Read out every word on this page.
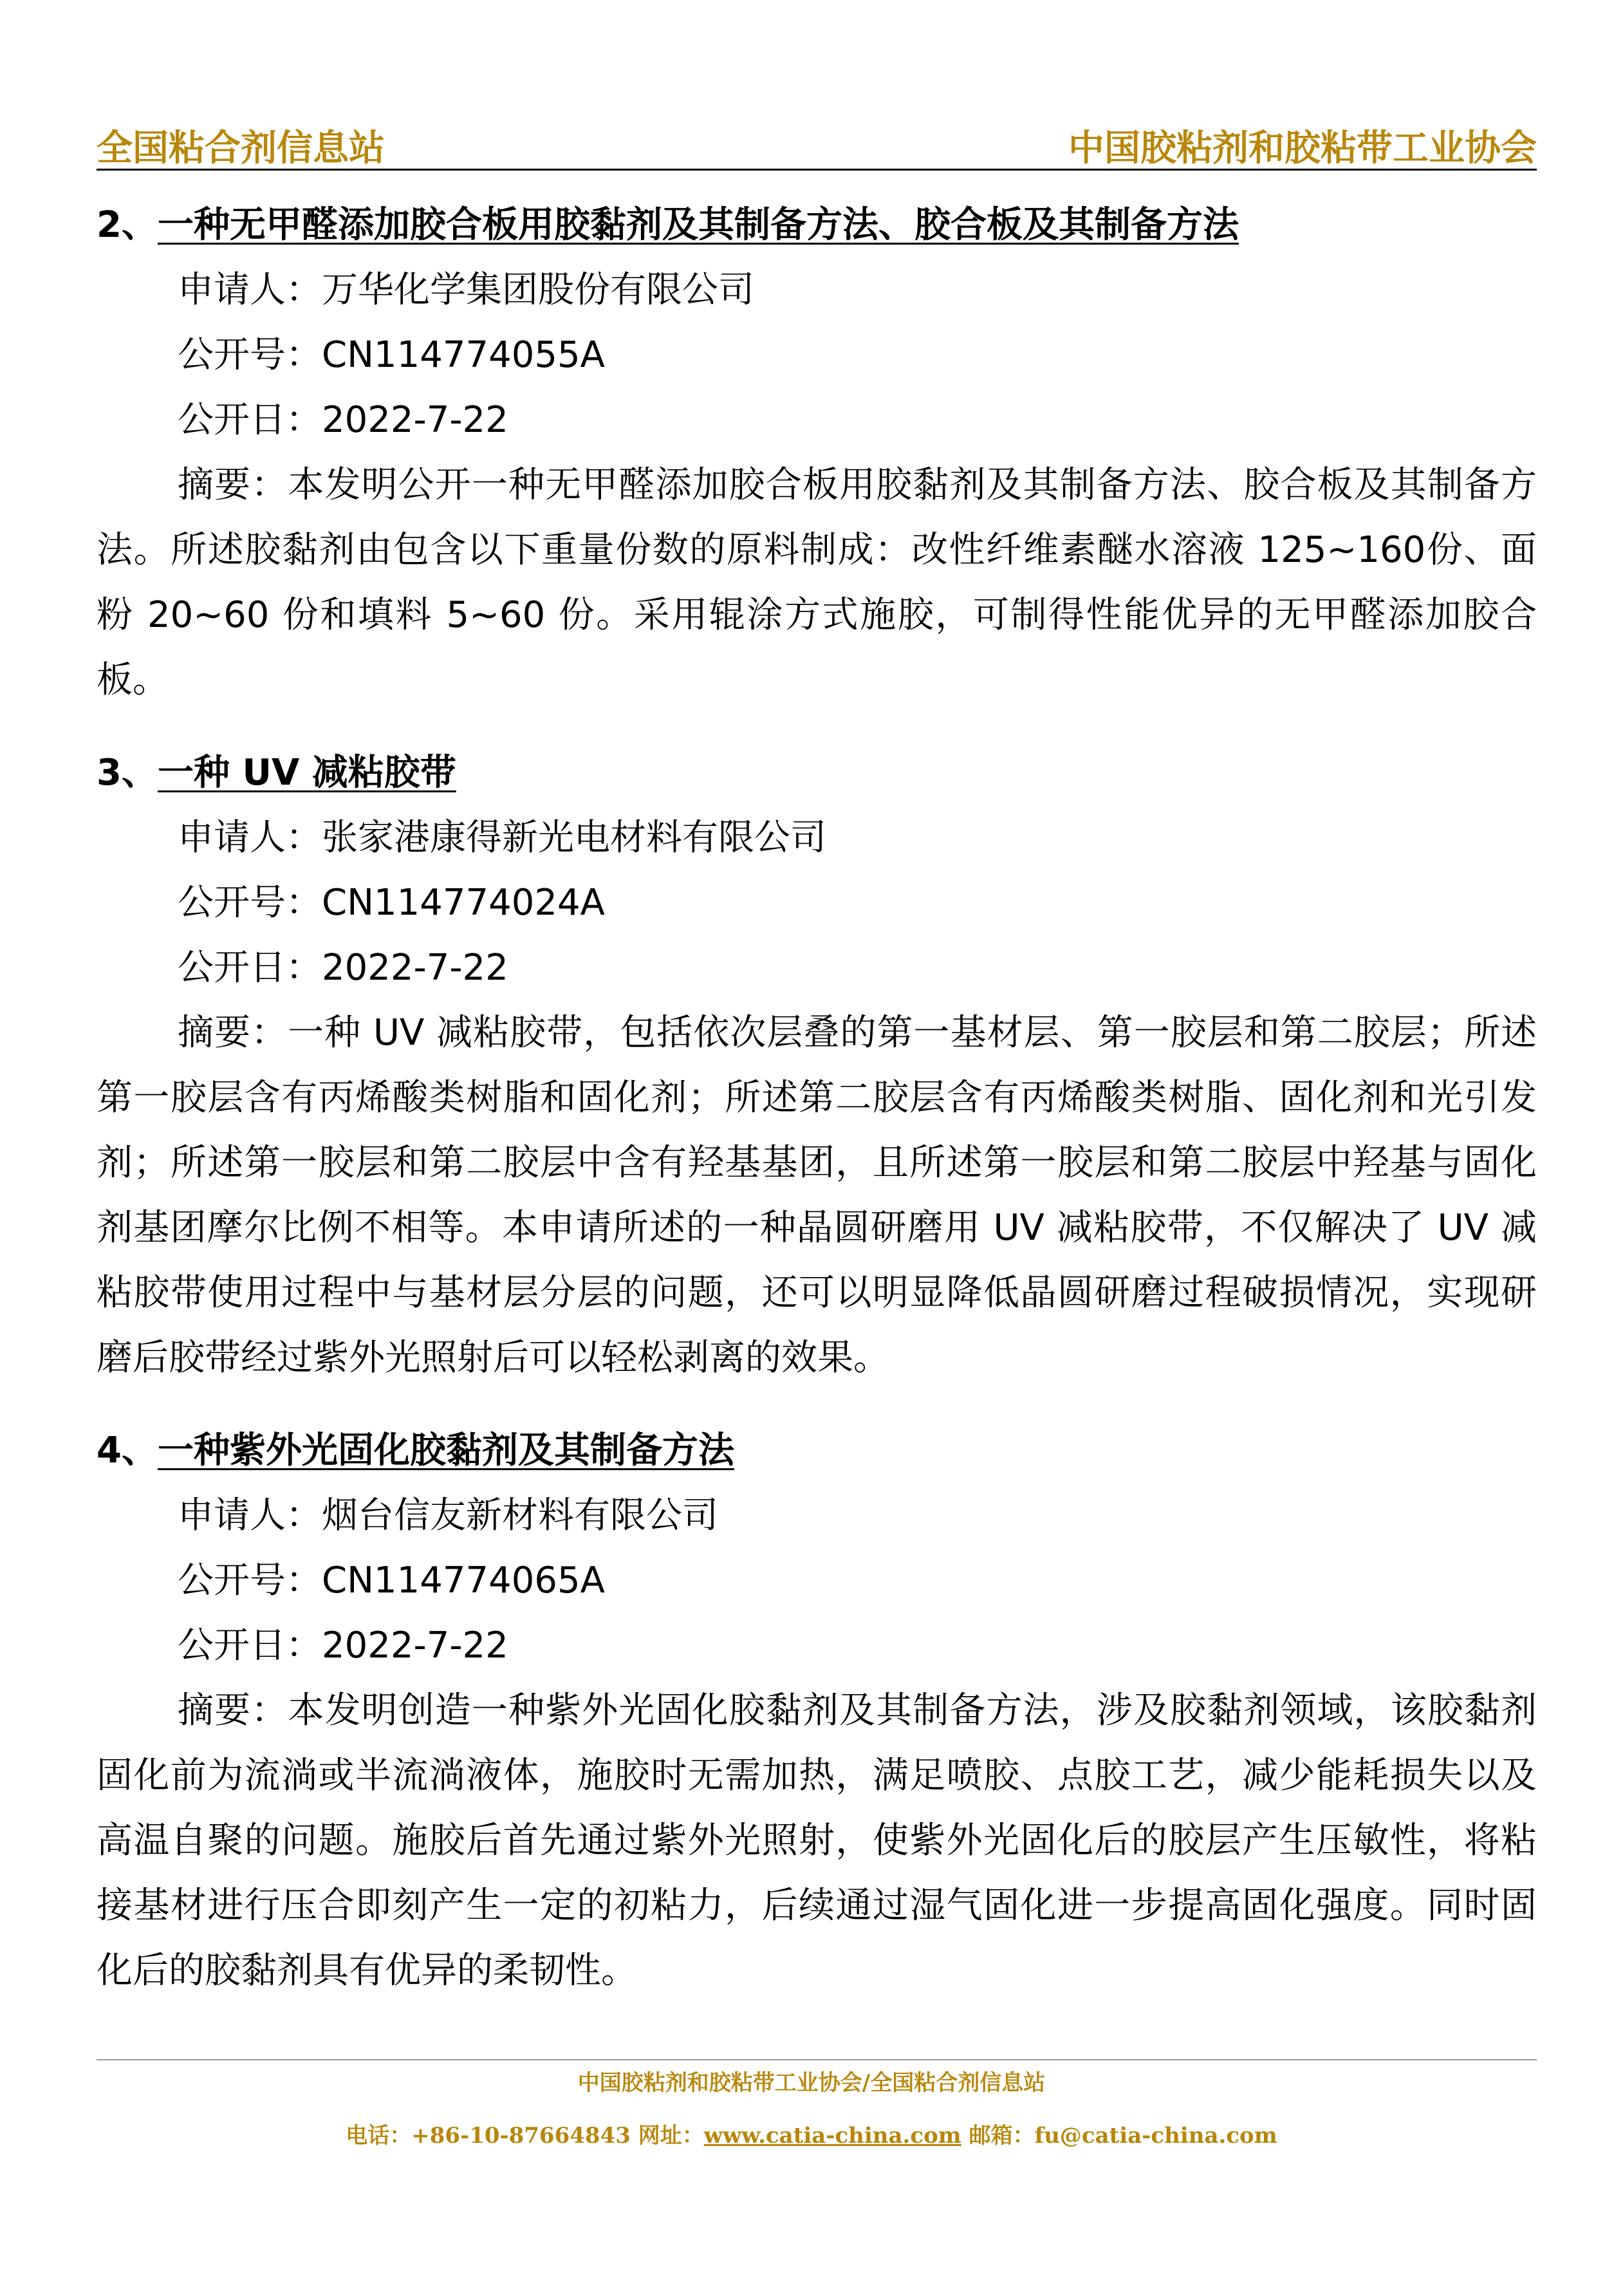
全国粘合剂信息站	中国胶粘剂和胶粘带工业协会
2、一种无甲醛添加胶合板用胶黏剂及其制备方法、胶合板及其制备方法
申请人：万华化学集团股份有限公司
公开号：CN114774055A
公开日：2022-7-22
摘要：本发明公开一种无甲醛添加胶合板用胶黏剂及其制备方法、胶合板及其制备方法。所述胶黏剂由包含以下重量份数的原料制成：改性纤维素醚水溶液 125~160份、面粉 20~60 份和填料 5~60 份。采用辊涂方式施胶，可制得性能优异的无甲醛添加胶合板。
3、一种 UV 减粘胶带
申请人：张家港康得新光电材料有限公司
公开号：CN114774024A
公开日：2022-7-22
摘要：一种 UV 减粘胶带，包括依次层叠的第一基材层、第一胶层和第二胶层；所述第一胶层含有丙烯酸类树脂和固化剂；所述第二胶层含有丙烯酸类树脂、固化剂和光引发剂；所述第一胶层和第二胶层中含有羟基基团，且所述第一胶层和第二胶层中羟基与固化剂基团摩尔比例不相等。本申请所述的一种晶圆研磨用 UV 减粘胶带，不仅解决了 UV 减粘胶带使用过程中与基材层分层的问题，还可以明显降低晶圆研磨过程破损情况，实现研磨后胶带经过紫外光照射后可以轻松剥离的效果。
4、一种紫外光固化胶黏剂及其制备方法
申请人：烟台信友新材料有限公司
公开号：CN114774065A
公开日：2022-7-22
摘要：本发明创造一种紫外光固化胶黏剂及其制备方法，涉及胶黏剂领域，该胶黏剂固化前为流淌或半流淌液体，施胶时无需加热，满足喷胶、点胶工艺，减少能耗损失以及高温自聚的问题。施胶后首先通过紫外光照射，使紫外光固化后的胶层产生压敏性，将粘接基材进行压合即刻产生一定的初粘力，后续通过湿气固化进一步提高固化强度。同时固化后的胶黏剂具有优异的柔韧性。
中国胶粘剂和胶粘带工业协会/全国粘合剂信息站
电话：+86-10-87664843 网址：www.catia-china.com 邮箱：fu@catia-china.com
